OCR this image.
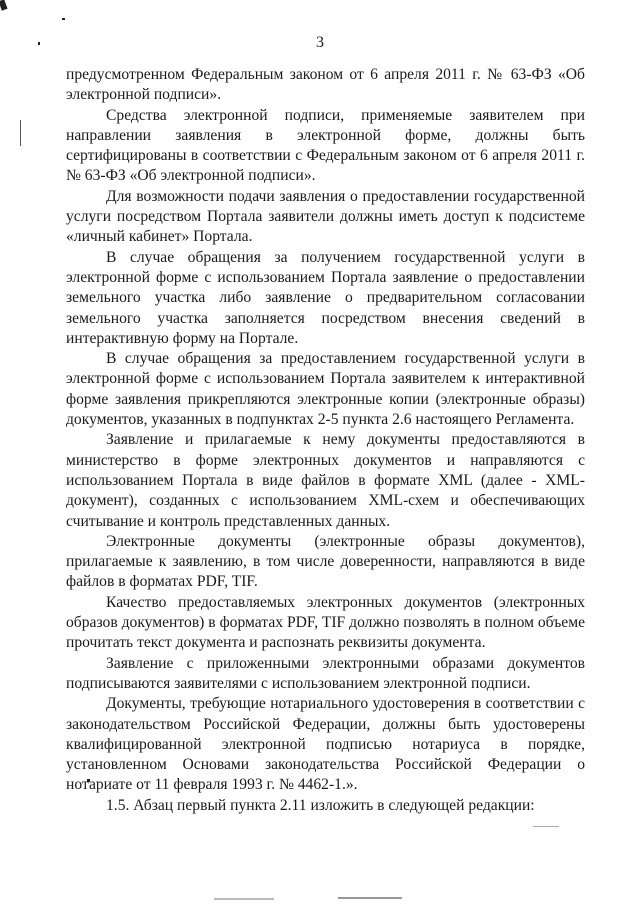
3

предусмотренном Федеральным законом от 6 апреля 2011 г. № 63-ФЗ «Об электронной подписи».

Средства электронной подписи, применяемые заявителем при направлении заявления в электронной форме, должны быть сертифицированы в соответствии с Федеральным законом от 6 апреля 2011 г. № 63-ФЗ «Об электронной подписи».

Для возможности подачи заявления о предоставлении государственной услуги посредством Портала заявители должны иметь доступ к подсистеме «личный кабинет» Портала.

В случае обращения за получением государственной услуги в электронной форме с использованием Портала заявление о предоставлении земельного участка либо заявление о предварительном согласовании земельного участка заполняется посредством внесения сведений в интерактивную форму на Портале.

В случае обращения за предоставлением государственной услуги в электронной форме с использованием Портала заявителем к интерактивной форме заявления прикрепляются электронные копии (электронные образы) документов, указанных в подпунктах 2-5 пункта 2.6 настоящего Регламента.

Заявление и прилагаемые к нему документы предоставляются в министерство в форме электронных документов и направляются с использованием Портала в виде файлов в формате XML (далее - XML-документ), созданных с использованием XML-схем и обеспечивающих считывание и контроль представленных данных.

Электронные документы (электронные образы документов), прилагаемые к заявлению, в том числе доверенности, направляются в виде файлов в форматах PDF, TIF.

Качество предоставляемых электронных документов (электронных образов документов) в форматах PDF, TIF должно позволять в полном объеме прочитать текст документа и распознать реквизиты документа.

Заявление с приложенными электронными образами документов подписываются заявителями с использованием электронной подписи.

Документы, требующие нотариального удостоверения в соответствии с законодательством Российской Федерации, должны быть удостоверены квалифицированной электронной подписью нотариуса в порядке, установленном Основами законодательства Российской Федерации о нотариате от 11 февраля 1993 г. № 4462-1.».

1.5. Абзац первый пункта 2.11 изложить в следующей редакции:
